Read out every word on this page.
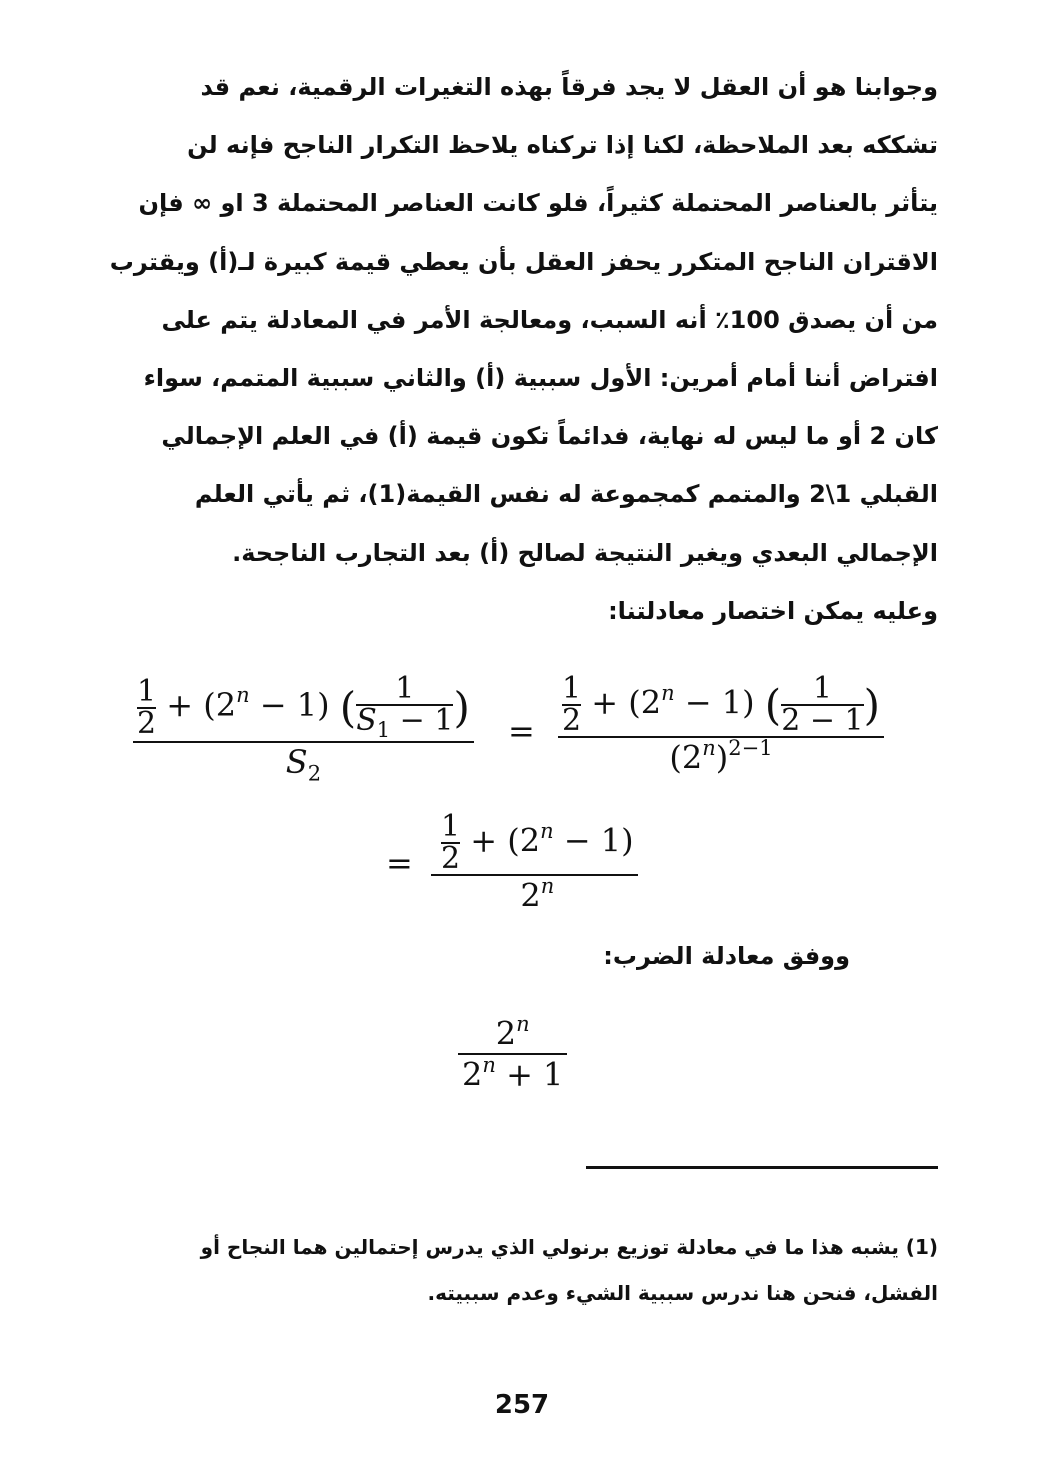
وجوابنا هو أن العقل لا يجد فرقاً بهذه التغيرات الرقمية، نعم قد
تشككه بعد الملاحظة، لكنا إذا تركناه يلاحظ التكرار الناجح فإنه لن
يتأثر بالعناصر المحتملة كثيراً، فلو كانت العناصر المحتملة 3 او ∞ فإن
الاقتران الناجح المتكرر يحفز العقل بأن يعطي قيمة كبيرة لـ(أ) ويقترب
من أن يصدق 100٪ أنه السبب، ومعالجة الأمر في المعادلة يتم على
افتراض أننا أمام أمرين: الأول سببية (أ) والثاني سببية المتمم، سواء
كان 2 أو ما ليس له نهاية، فدائماً تكون قيمة (أ) في العلم الإجمالي
القبلي 1\2 والمتمم كمجموعة له نفس القيمة(1)، ثم يأتي العلم
الإجمالي البعدي ويغير النتيجة لصالح (أ) بعد التجارب الناجحة.
وعليه يمكن اختصار معادلتنا:
$\frac{1}{2} + (2^n - 1)$ ( $\frac{1}{S_1 - 1}$ )
$S_2$
= $\frac{1}{2} + (2^n - 1)$ ( $\frac{1}{2 - 1}$ )
$(2^n)^{2-1}$
= $\frac{\frac{1}{2} + (2^n - 1)}{2^n}$
ووفق معادلة الضرب:
$\frac{2^n}{2^n + 1}$
(1) يشبه هذا ما في معادلة توزيع برنولي الذي يدرس إحتمالين هما النجاح أو
الفشل، فنحن هنا ندرس سببية الشيء وعدم سببيته.
257
